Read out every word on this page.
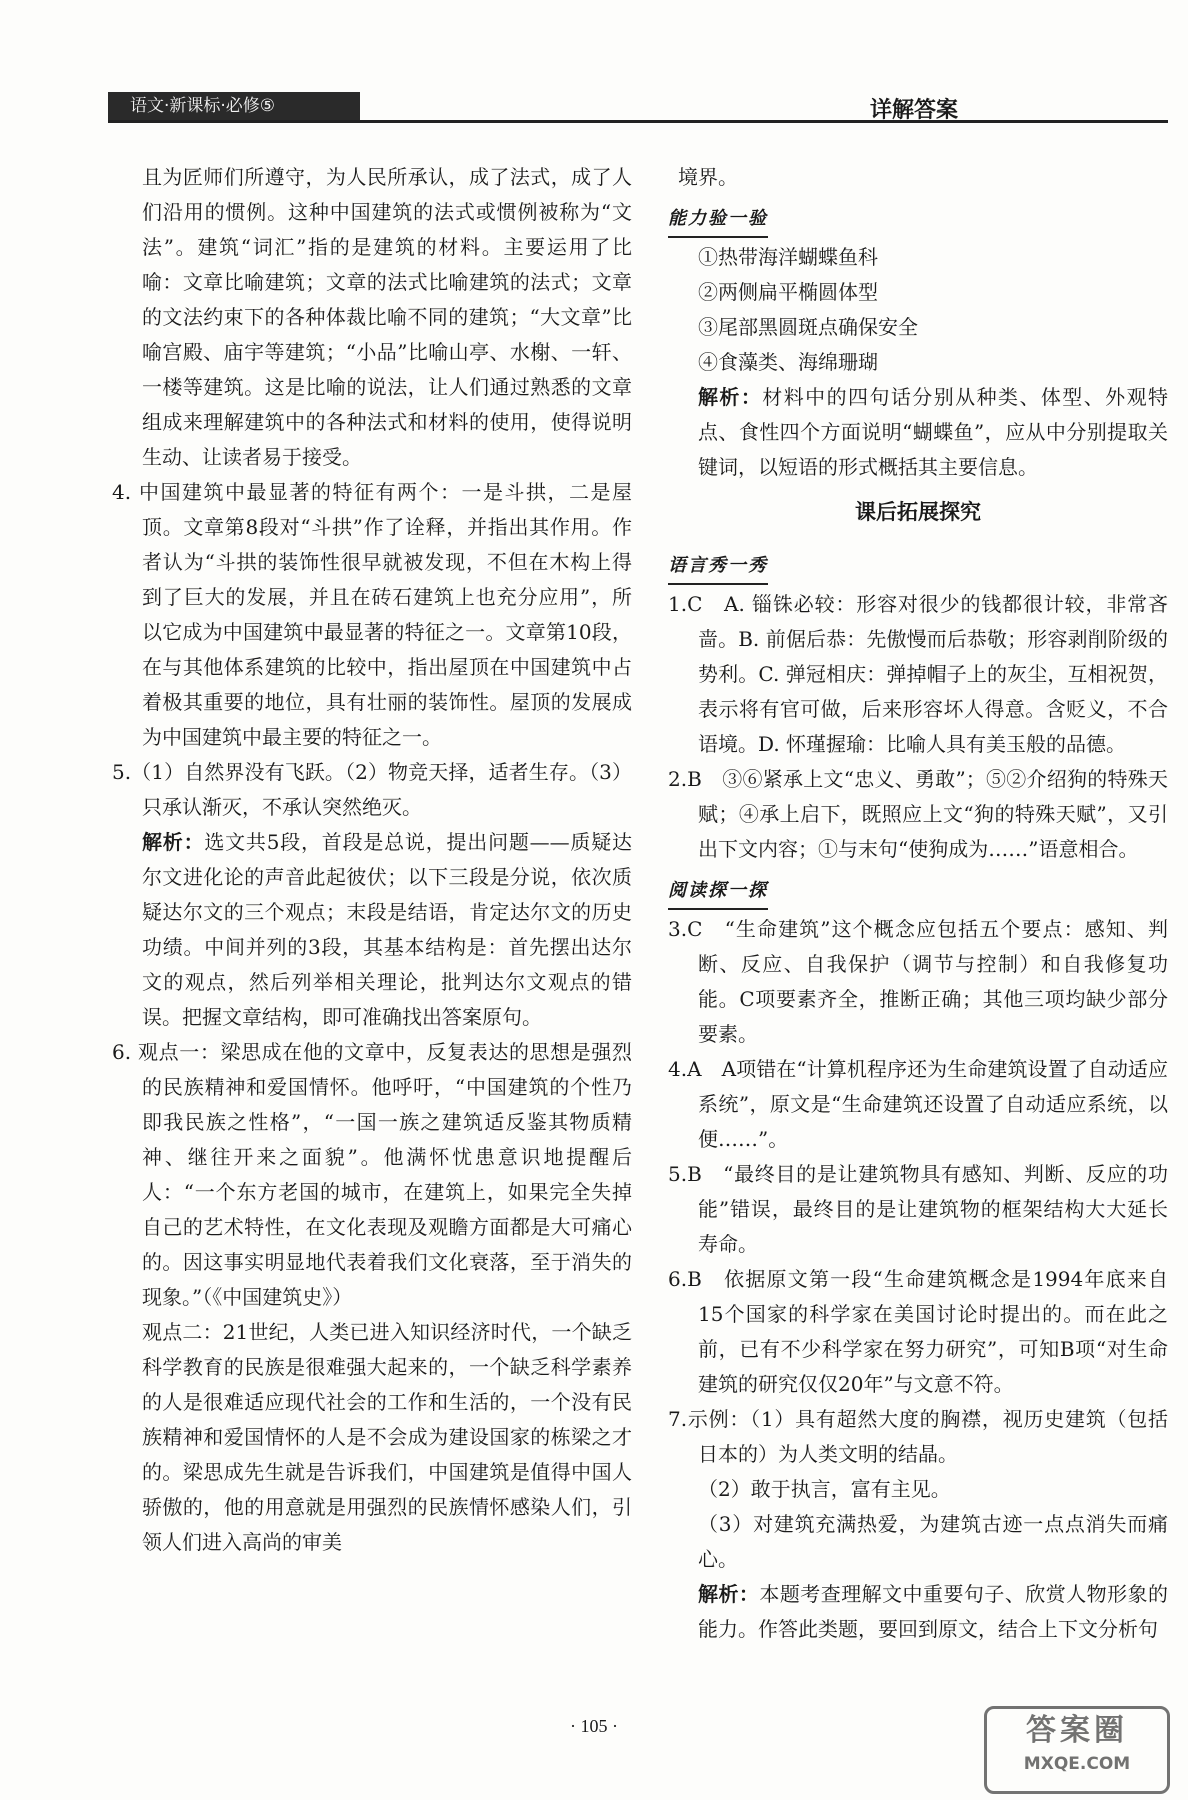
语文·新课标·必修⑤	详解答案

且为匠师们所遵守，为人民所承认，成了法式，成了人们沿用的惯例。这种中国建筑的法式或惯例被称为“文法”。建筑“词汇”指的是建筑的材料。主要运用了比喻：文章比喻建筑；文章的法式比喻建筑的法式；文章的文法约束下的各种体裁比喻不同的建筑；“大文章”比喻宫殿、庙宇等建筑；“小品”比喻山亭、水榭、一轩、一楼等建筑。这是比喻的说法，让人们通过熟悉的文章组成来理解建筑中的各种法式和材料的使用，使得说明生动、让读者易于接受。

4. 中国建筑中最显著的特征有两个：一是斗拱，二是屋顶。文章第8段对“斗拱”作了诠释，并指出其作用。作者认为“斗拱的装饰性很早就被发现，不但在木构上得到了巨大的发展，并且在砖石建筑上也充分应用”，所以它成为中国建筑中最显著的特征之一。文章第10段，在与其他体系建筑的比较中，指出屋顶在中国建筑中占着极其重要的地位，具有壮丽的装饰性。屋顶的发展成为中国建筑中最主要的特征之一。

5.（1）自然界没有飞跃。（2）物竞天择，适者生存。（3）只承认渐灭，不承认突然绝灭。

解析：选文共5段，首段是总说，提出问题——质疑达尔文进化论的声音此起彼伏；以下三段是分说，依次质疑达尔文的三个观点；末段是结语，肯定达尔文的历史功绩。中间并列的3段，其基本结构是：首先摆出达尔文的观点，然后列举相关理论，批判达尔文观点的错误。把握文章结构，即可准确找出答案原句。

6. 观点一：梁思成在他的文章中，反复表达的思想是强烈的民族精神和爱国情怀。他呼吁，“中国建筑的个性乃即我民族之性格”，“一国一族之建筑适反鉴其物质精神、继往开来之面貌”。他满怀忧患意识地提醒后人：“一个东方老国的城市，在建筑上，如果完全失掉自己的艺术特性，在文化表现及观瞻方面都是大可痛心的。因这事实明显地代表着我们文化衰落，至于消失的现象。”（《中国建筑史》）

观点二：21世纪，人类已进入知识经济时代，一个缺乏科学教育的民族是很难强大起来的，一个缺乏科学素养的人是很难适应现代社会的工作和生活的，一个没有民族精神和爱国情怀的人是不会成为建设国家的栋梁之才的。梁思成先生就是告诉我们，中国建筑是值得中国人骄傲的，他的用意就是用强烈的民族情怀感染人们，引领人们进入高尚的审美

境界。

能力验一验

①热带海洋蝴蝶鱼科

②两侧扁平椭圆体型

③尾部黑圆斑点确保安全

④食藻类、海绵珊瑚

解析：材料中的四句话分别从种类、体型、外观特点、食性四个方面说明“蝴蝶鱼”，应从中分别提取关键词，以短语的形式概括其主要信息。

课后拓展探究
语言秀一秀

1.C　A. 锱铢必较：形容对很少的钱都很计较，非常吝啬。B. 前倨后恭：先傲慢而后恭敬；形容剥削阶级的势利。C. 弹冠相庆：弹掉帽子上的灰尘，互相祝贺，表示将有官可做，后来形容坏人得意。含贬义，不合语境。D. 怀瑾握瑜：比喻人具有美玉般的品德。

2.B　③⑥紧承上文“忠义、勇敢”；⑤②介绍狗的特殊天赋；④承上启下，既照应上文“狗的特殊天赋”，又引出下文内容；①与末句“使狗成为……”语意相合。

阅读探一探

3.C　“生命建筑”这个概念应包括五个要点：感知、判断、反应、自我保护（调节与控制）和自我修复功能。C项要素齐全，推断正确；其他三项均缺少部分要素。

4.A　A项错在“计算机程序还为生命建筑设置了自动适应系统”，原文是“生命建筑还设置了自动适应系统，以便……”。

5.B　“最终目的是让建筑物具有感知、判断、反应的功能”错误，最终目的是让建筑物的框架结构大大延长寿命。

6.B　依据原文第一段“生命建筑概念是1994年底来自15个国家的科学家在美国讨论时提出的。而在此之前，已有不少科学家在努力研究”，可知B项“对生命建筑的研究仅仅20年”与文意不符。

7.示例：（1）具有超然大度的胸襟，视历史建筑（包括日本的）为人类文明的结晶。

（2）敢于执言，富有主见。

（3）对建筑充满热爱，为建筑古迹一点点消失而痛心。

解析：本题考查理解文中重要句子、欣赏人物形象的能力。作答此类题，要回到原文，结合上下文分析句

· 105 ·	答案圈
MXQE.COM
